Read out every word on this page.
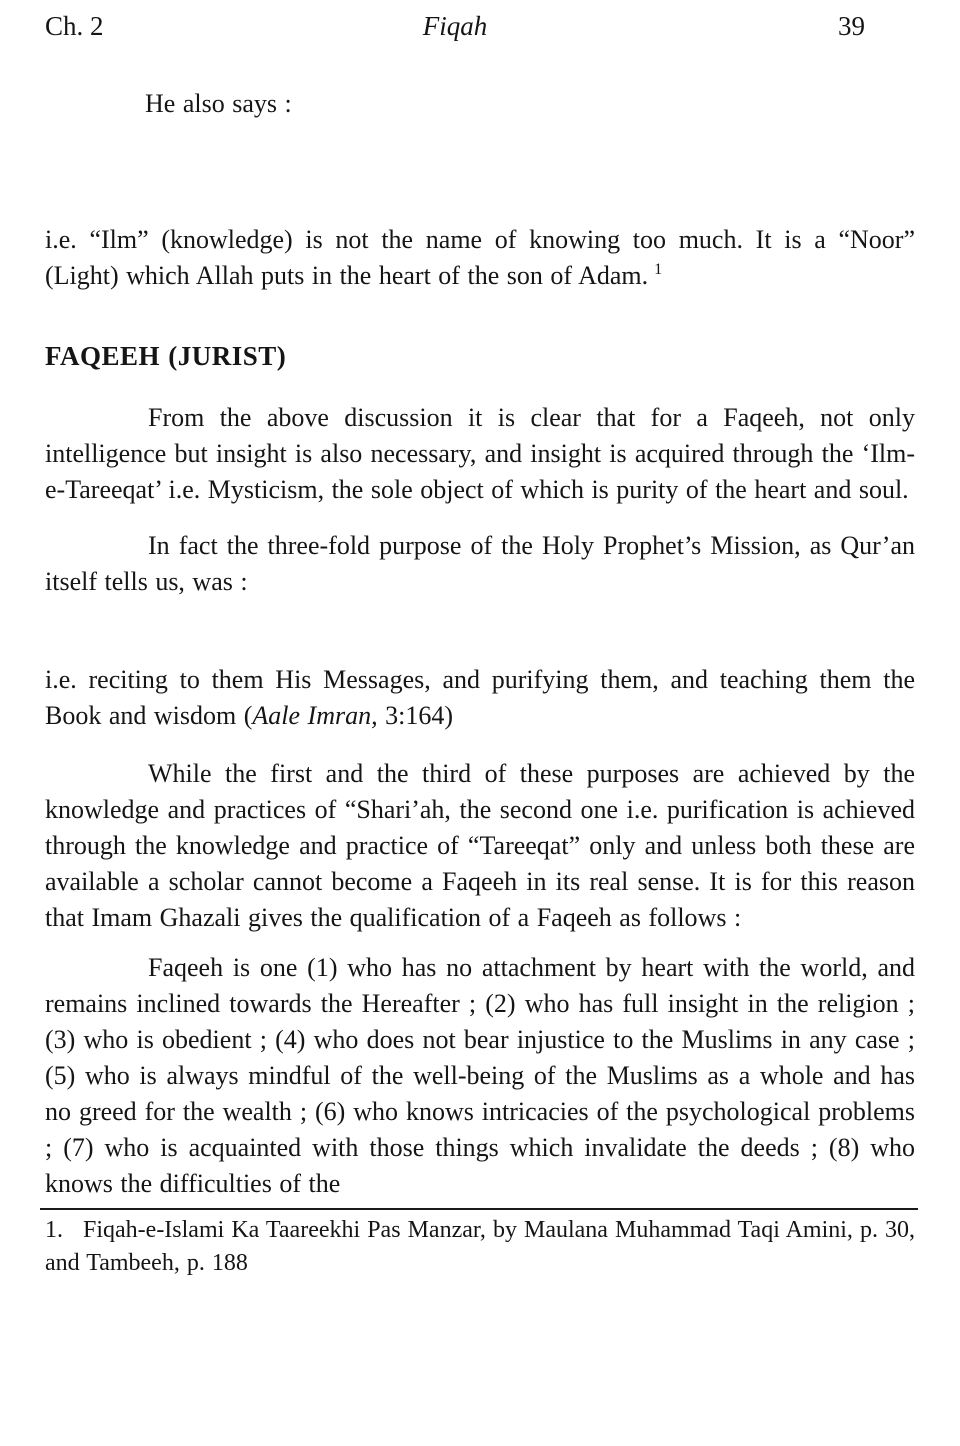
Ch. 2	Fiqah	39

He also says :

i.e. “Ilm” (knowledge) is not the name of knowing too much. It is a “Noor” (Light) which Allah puts in the heart of the son of Adam. $^1$

FAQEEH (JURIST)

From the above discussion it is clear that for a Faqeeh, not only intelligence but insight is also necessary, and insight is acquired through the ‘Ilm-e-Tareeqat’ i.e. Mysticism, the sole object of which is purity of the heart and soul.

In fact the three-fold purpose of the Holy Prophet’s Mission, as Qur’an itself tells us, was :

i.e. reciting to them His Messages, and purifying them, and teaching them the Book and wisdom (Aale Imran, 3:164)

While the first and the third of these purposes are achieved by the knowledge and practices of “Shari’ah, the second one i.e. purification is achieved through the knowledge and practice of “Tareeqat” only and unless both these are available a scholar cannot become a Faqeeh in its real sense. It is for this reason that Imam Ghazali gives the qualification of a Faqeeh as follows :

Faqeeh is one (1) who has no attachment by heart with the world, and remains inclined towards the Hereafter ; (2) who has full insight in the religion ; (3) who is obedient ; (4) who does not bear injustice to the Muslims in any case ; (5) who is always mindful of the well-being of the Muslims as a whole and has no greed for the wealth ; (6) who knows intricacies of the psychological problems ; (7) who is acquainted with those things which invalidate the deeds ; (8) who knows the difficulties of the

1. Fiqah-e-Islami Ka Taareekhi Pas Manzar, by Maulana Muhammad Taqi Amini, p. 30, and Tambeeh, p. 188
